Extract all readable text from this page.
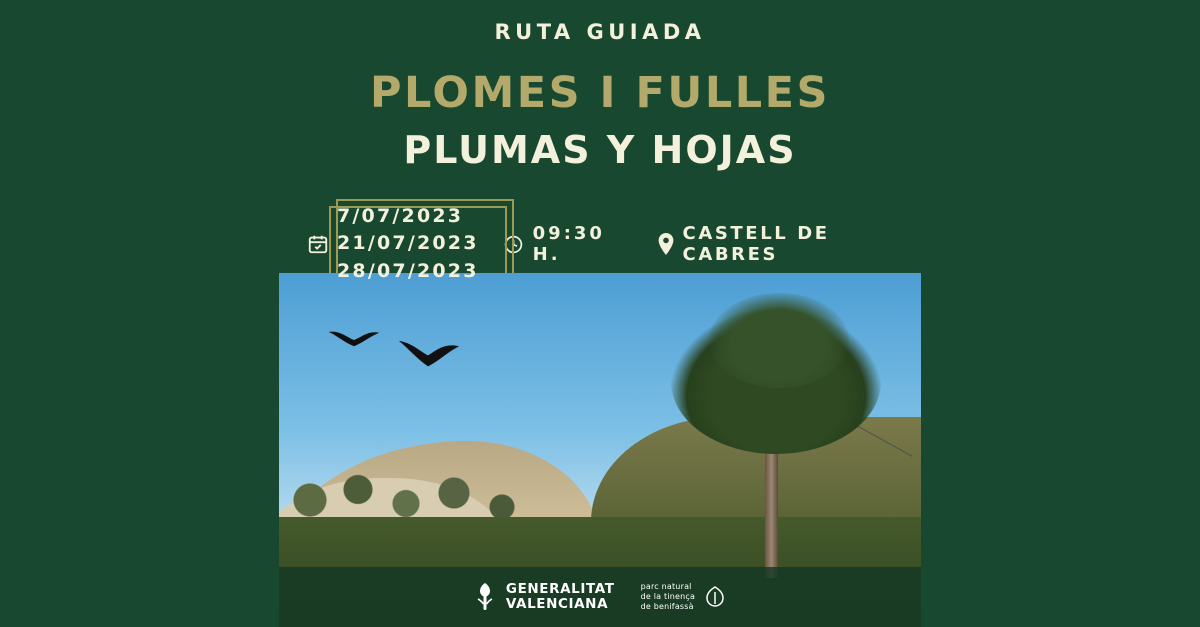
RUTA GUIADA
PLOMES I FULLES
PLUMAS Y HOJAS
7/07/2023
21/07/2023
28/07/2023
09:30 H.
CASTELL DE CABRES
GENERALITAT
VALENCIANA
parc natural
de la tinença
de benifassà
